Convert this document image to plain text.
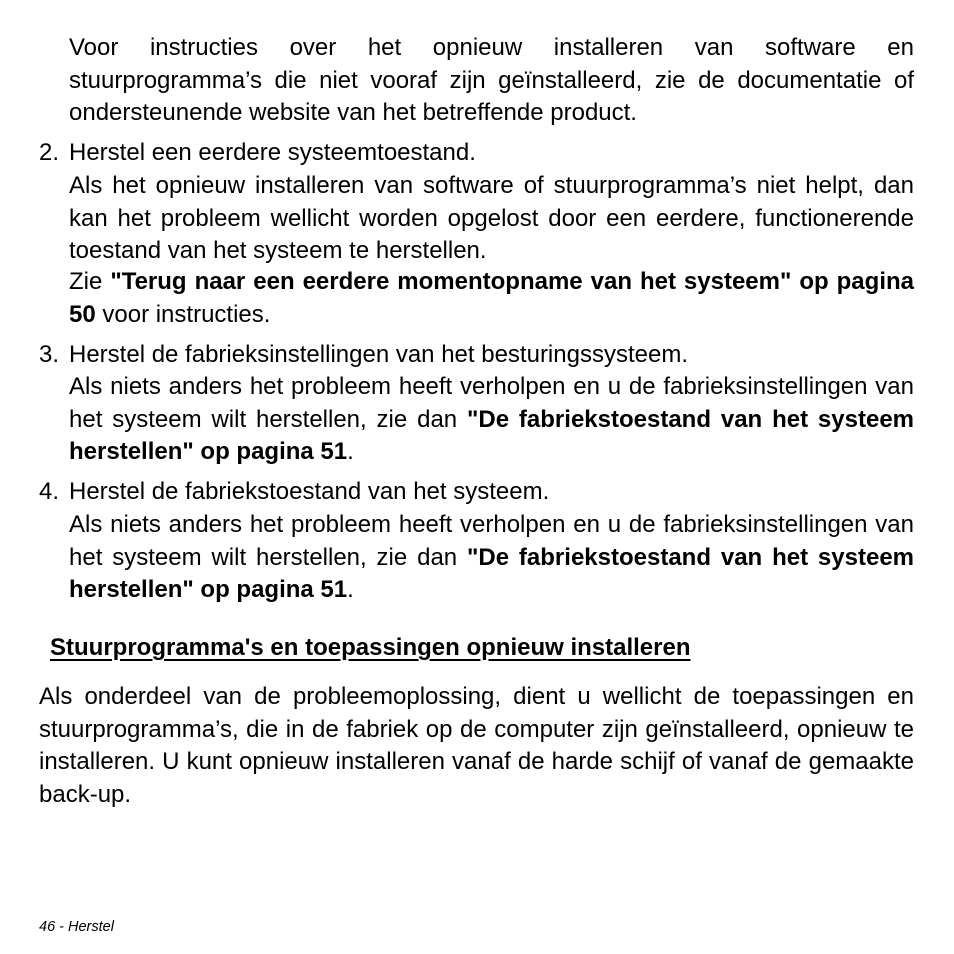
Voor instructies over het opnieuw installeren van software en stuurprogramma’s die niet vooraf zijn geïnstalleerd, zie de documentatie of ondersteunende website van het betreffende product.

2. Herstel een eerdere systeemtoestand.

Als het opnieuw installeren van software of stuurprogramma’s niet helpt, dan kan het probleem wellicht worden opgelost door een eerdere, functionerende toestand van het systeem te herstellen.

Zie "Terug naar een eerdere momentopname van het systeem" op pagina 50 voor instructies.

3. Herstel de fabrieksinstellingen van het besturingssysteem.

Als niets anders het probleem heeft verholpen en u de fabrieksinstellingen van het systeem wilt herstellen, zie dan "De fabriekstoestand van het systeem herstellen" op pagina 51.

4. Herstel de fabriekstoestand van het systeem.

Als niets anders het probleem heeft verholpen en u de fabrieksinstellingen van het systeem wilt herstellen, zie dan "De fabriekstoestand van het systeem herstellen" op pagina 51.

Stuurprogramma's en toepassingen opnieuw installeren

Als onderdeel van de probleemoplossing, dient u wellicht de toepassingen en stuurprogramma’s, die in de fabriek op de computer zijn geïnstalleerd, opnieuw te installeren. U kunt opnieuw installeren vanaf de harde schijf of vanaf de gemaakte back-up.

46 - Herstel
